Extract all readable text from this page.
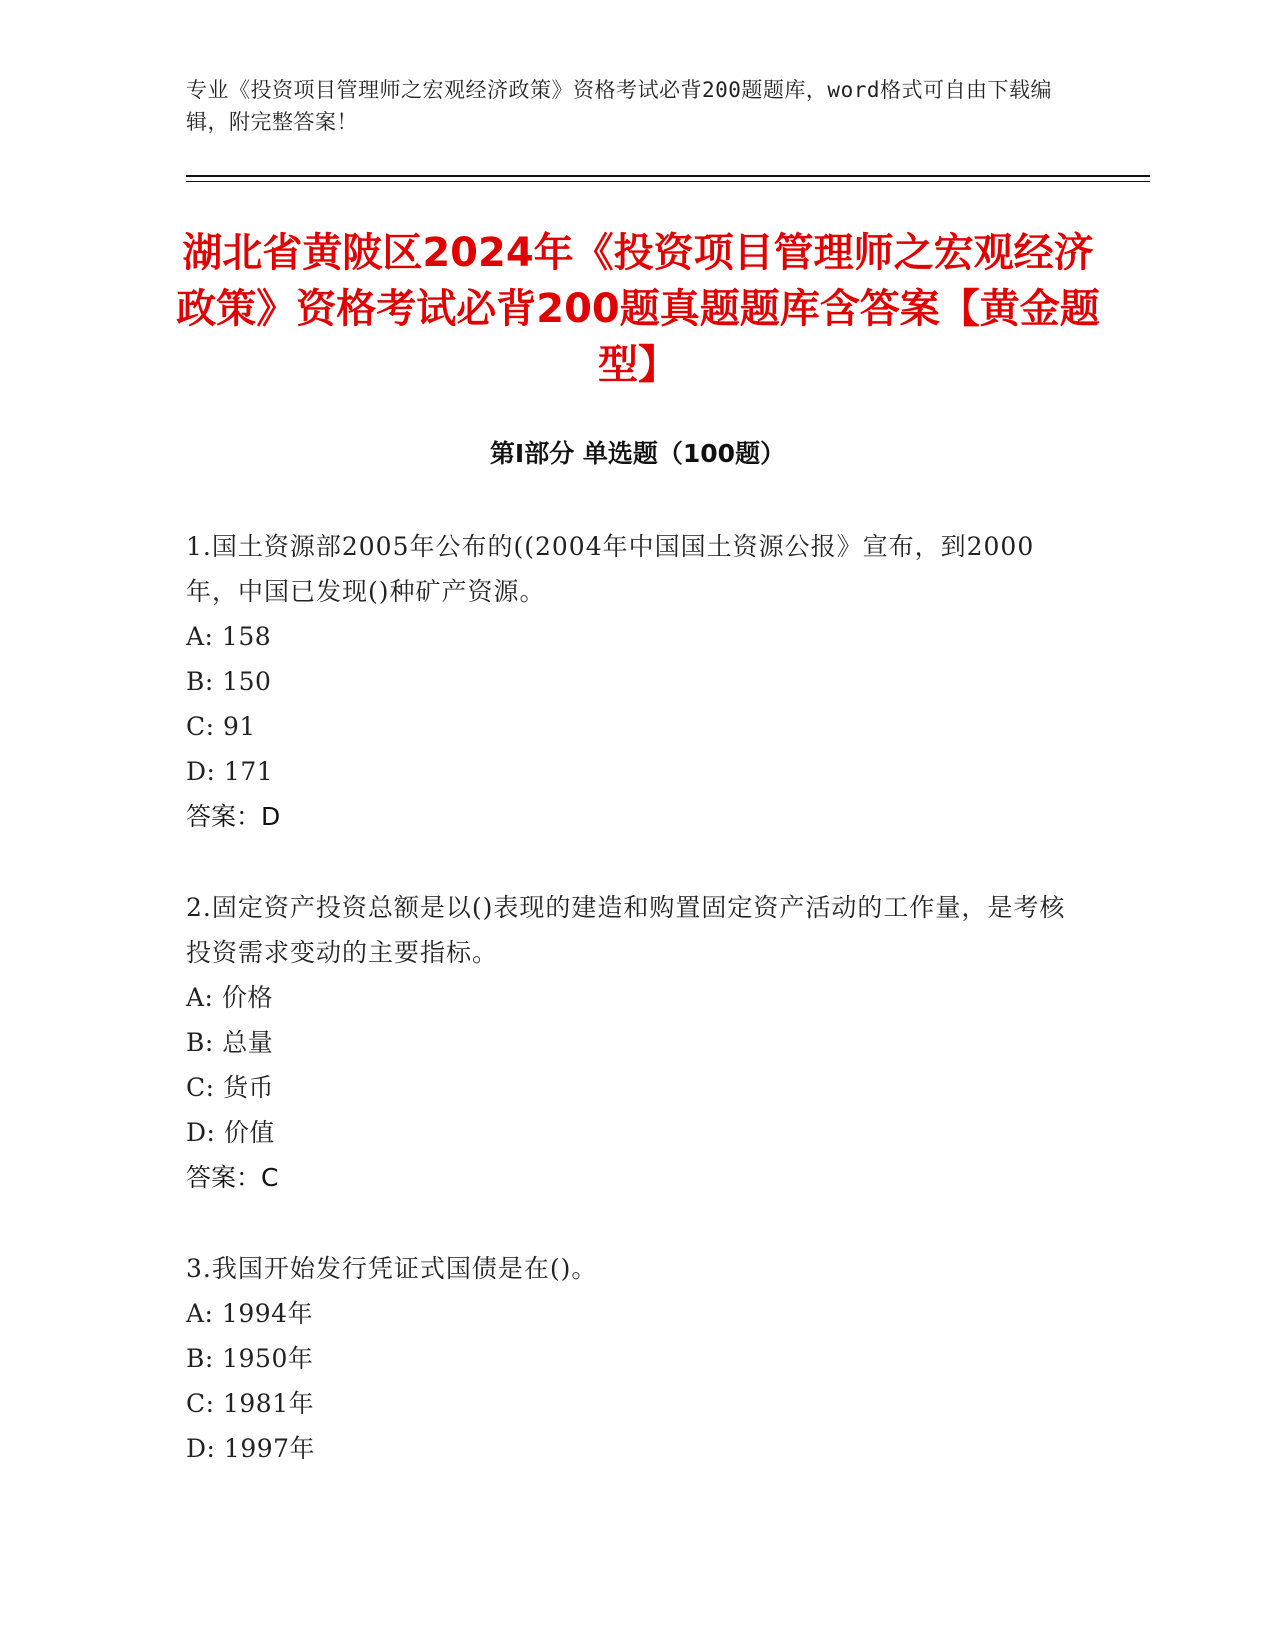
专业《投资项目管理师之宏观经济政策》资格考试必背200题题库，word格式可自由下载编辑，附完整答案！
湖北省黄陂区2024年《投资项目管理师之宏观经济政策》资格考试必背200题真题题库含答案【黄金题型】
第I部分 单选题（100题）
1.国土资源部2005年公布的((2004年中国国土资源公报》宣布，到2000年，中国已发现()种矿产资源。
A: 158
B: 150
C: 91
D: 171
答案：D
2.固定资产投资总额是以()表现的建造和购置固定资产活动的工作量，是考核投资需求变动的主要指标。
A: 价格
B: 总量
C: 货币
D: 价值
答案：C
3.我国开始发行凭证式国债是在()。
A: 1994年
B: 1950年
C: 1981年
D: 1997年
